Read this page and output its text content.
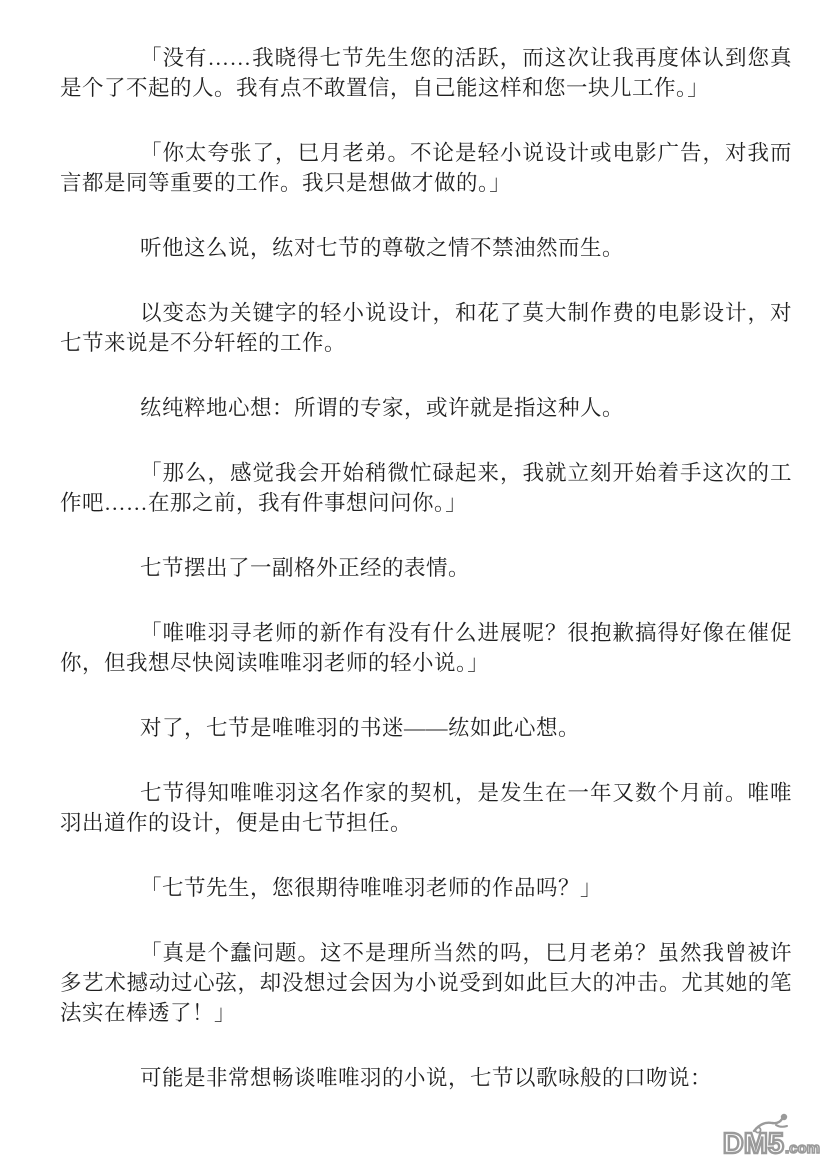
「没有……我晓得七节先生您的活跃，而这次让我再度体认到您真是个了不起的人。我有点不敢置信，自己能这样和您一块儿工作。」

「你太夸张了，巳月老弟。不论是轻小说设计或电影广告，对我而言都是同等重要的工作。我只是想做才做的。」

听他这么说，纮对七节的尊敬之情不禁油然而生。

以变态为关键字的轻小说设计，和花了莫大制作费的电影设计，对七节来说是不分轩轾的工作。

纮纯粹地心想：所谓的专家，或许就是指这种人。

「那么，感觉我会开始稍微忙碌起来，我就立刻开始着手这次的工作吧……在那之前，我有件事想问问你。」

七节摆出了一副格外正经的表情。

「唯唯羽寻老师的新作有没有什么进展呢？很抱歉搞得好像在催促你，但我想尽快阅读唯唯羽老师的轻小说。」

对了，七节是唯唯羽的书迷——纮如此心想。

七节得知唯唯羽这名作家的契机，是发生在一年又数个月前。唯唯羽出道作的设计，便是由七节担任。

「七节先生，您很期待唯唯羽老师的作品吗？」

「真是个蠢问题。这不是理所当然的吗，巳月老弟？虽然我曾被许多艺术撼动过心弦，却没想过会因为小说受到如此巨大的冲击。尤其她的笔法实在棒透了！」

可能是非常想畅谈唯唯羽的小说，七节以歌咏般的口吻说：

DM5 .com
